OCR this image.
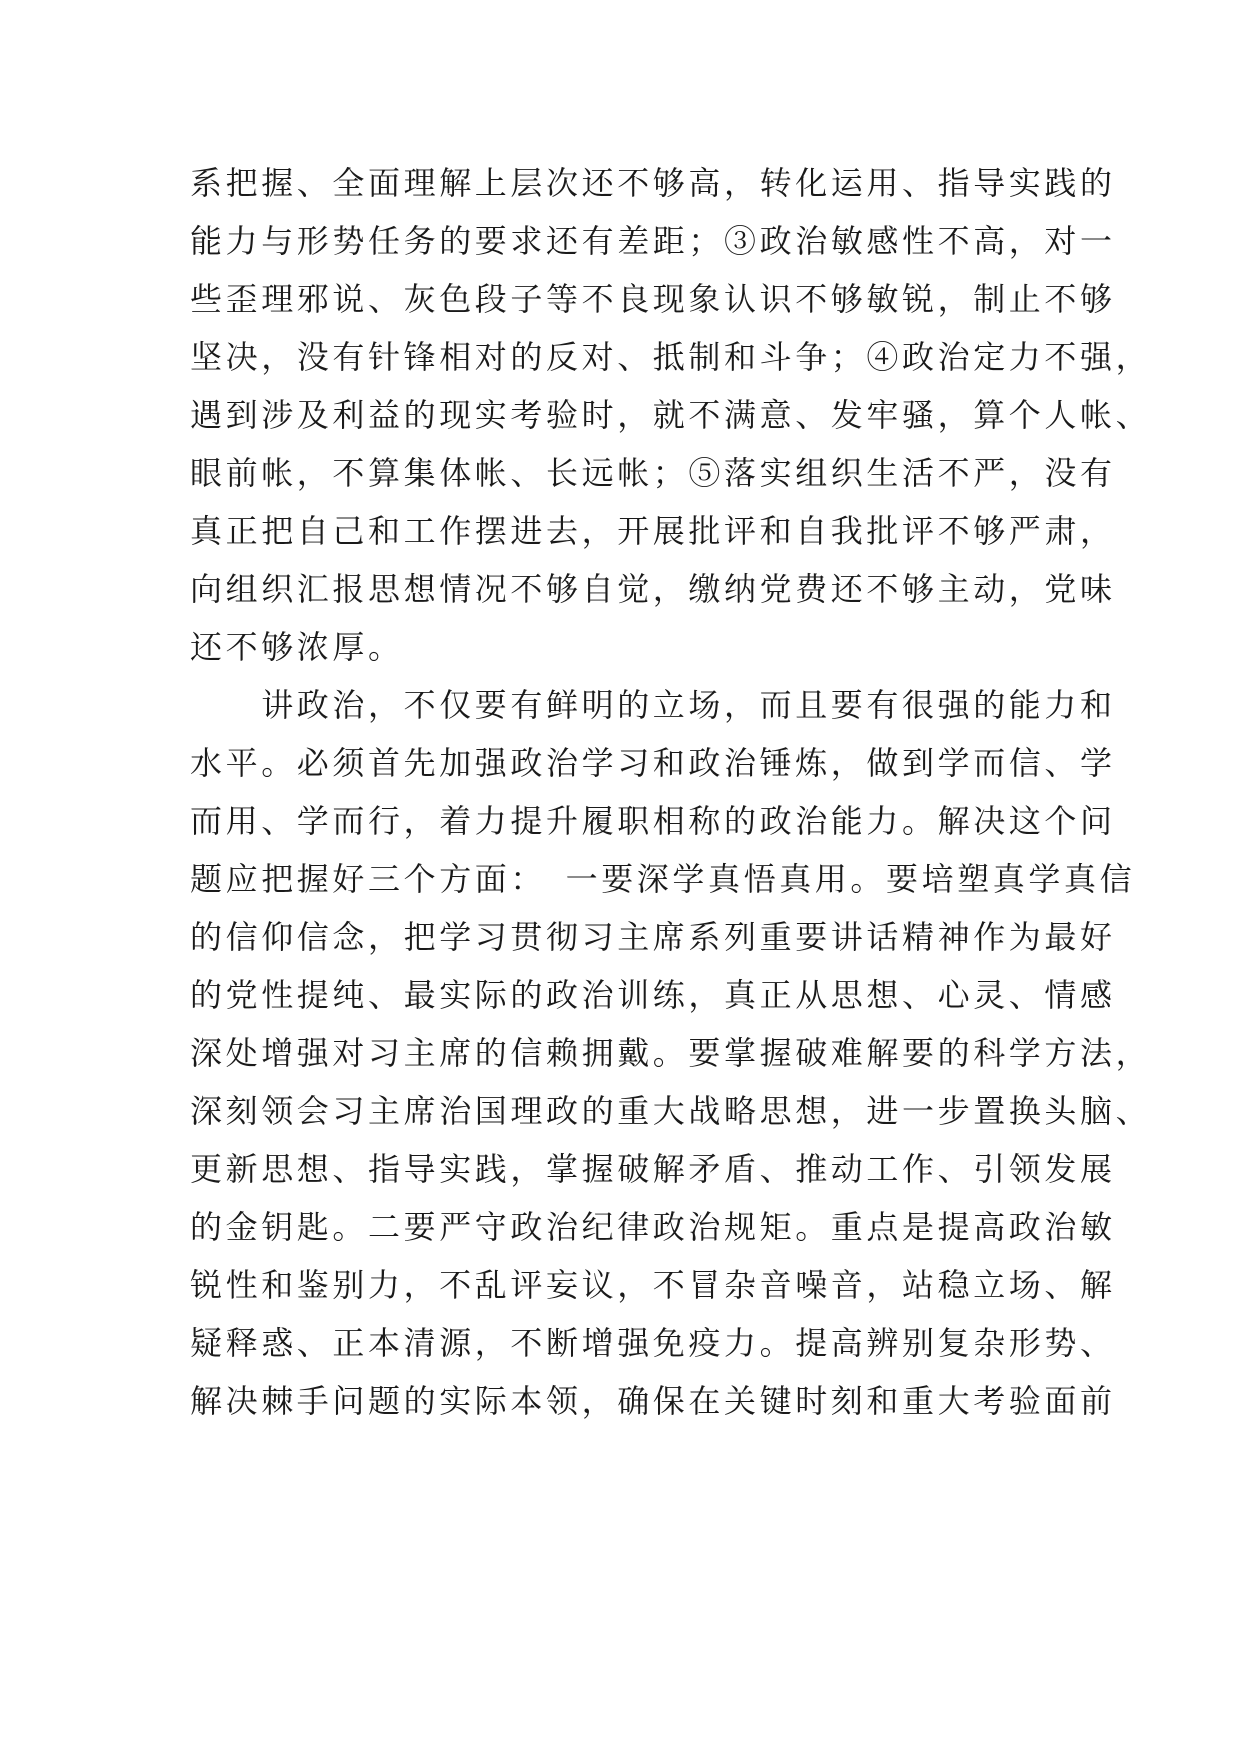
系把握、全面理解上层次还不够高，转化运用、指导实践的
能力与形势任务的要求还有差距；③政治敏感性不高，对一
些歪理邪说、灰色段子等不良现象认识不够敏锐，制止不够
坚决，没有针锋相对的反对、抵制和斗争；④政治定力不强，
遇到涉及利益的现实考验时，就不满意、发牢骚，算个人帐、
眼前帐，不算集体帐、长远帐；⑤落实组织生活不严，没有
真正把自己和工作摆进去，开展批评和自我批评不够严肃，
向组织汇报思想情况不够自觉，缴纳党费还不够主动，党味
还不够浓厚。
　　讲政治，不仅要有鲜明的立场，而且要有很强的能力和
水平。必须首先加强政治学习和政治锤炼，做到学而信、学
而用、学而行，着力提升履职相称的政治能力。解决这个问
题应把握好三个方面：　一要深学真悟真用。要培塑真学真信
的信仰信念，把学习贯彻习主席系列重要讲话精神作为最好
的党性提纯、最实际的政治训练，真正从思想、心灵、情感
深处增强对习主席的信赖拥戴。要掌握破难解要的科学方法，
深刻领会习主席治国理政的重大战略思想，进一步置换头脑、
更新思想、指导实践，掌握破解矛盾、推动工作、引领发展
的金钥匙。二要严守政治纪律政治规矩。重点是提高政治敏
锐性和鉴别力，不乱评妄议，不冒杂音噪音，站稳立场、解
疑释惑、正本清源，不断增强免疫力。提高辨别复杂形势、
解决棘手问题的实际本领，确保在关键时刻和重大考验面前
